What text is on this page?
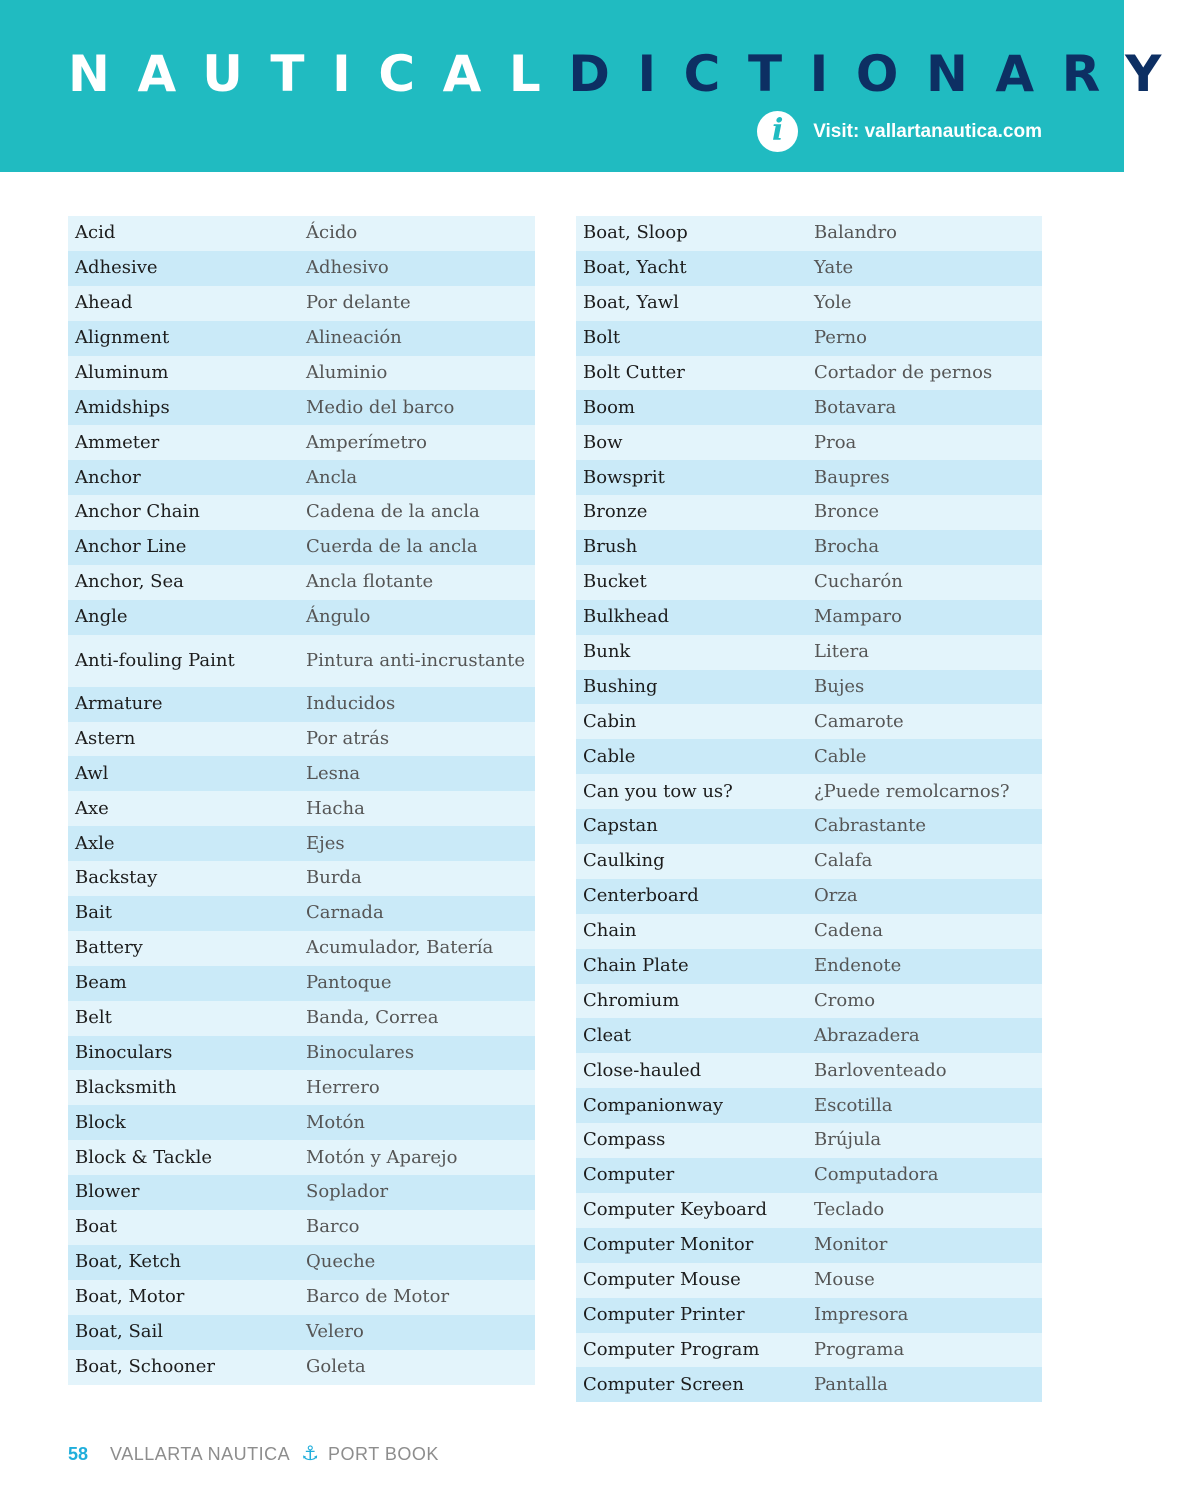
NAUTICALDICTIONARY
i	Visit: vallartanautica.com
Acid	Ácido
Adhesive	Adhesivo
Ahead	Por delante
Alignment	Alineación
Aluminum	Aluminio
Amidships	Medio del barco
Ammeter	Amperímetro
Anchor	Ancla
Anchor Chain	Cadena de la ancla
Anchor Line	Cuerda de la ancla
Anchor, Sea	Ancla flotante
Angle	Ángulo
Anti-fouling Paint	Pintura anti-incrustante
Armature	Inducidos
Astern	Por atrás
Awl	Lesna
Axe	Hacha
Axle	Ejes
Backstay	Burda
Bait	Carnada
Battery	Acumulador, Batería
Beam	Pantoque
Belt	Banda, Correa
Binoculars	Binoculares
Blacksmith	Herrero
Block	Motón
Block & Tackle	Motón y Aparejo
Blower	Soplador
Boat	Barco
Boat, Ketch	Queche
Boat, Motor	Barco de Motor
Boat, Sail	Velero
Boat, Schooner	Goleta
Boat, Sloop	Balandro
Boat, Yacht	Yate
Boat, Yawl	Yole
Bolt	Perno
Bolt Cutter	Cortador de pernos
Boom	Botavara
Bow	Proa
Bowsprit	Baupres
Bronze	Bronce
Brush	Brocha
Bucket	Cucharón
Bulkhead	Mamparo
Bunk	Litera
Bushing	Bujes
Cabin	Camarote
Cable	Cable
Can you tow us?	¿Puede remolcarnos?
Capstan	Cabrastante
Caulking	Calafa
Centerboard	Orza
Chain	Cadena
Chain Plate	Endenote
Chromium	Cromo
Cleat	Abrazadera
Close-hauled	Barloventeado
Companionway	Escotilla
Compass	Brújula
Computer	Computadora
Computer Keyboard	Teclado
Computer Monitor	Monitor
Computer Mouse	Mouse
Computer Printer	Impresora
Computer Program	Programa
Computer Screen	Pantalla
58 VALLARTA NAUTICA ⚓ PORT BOOK
